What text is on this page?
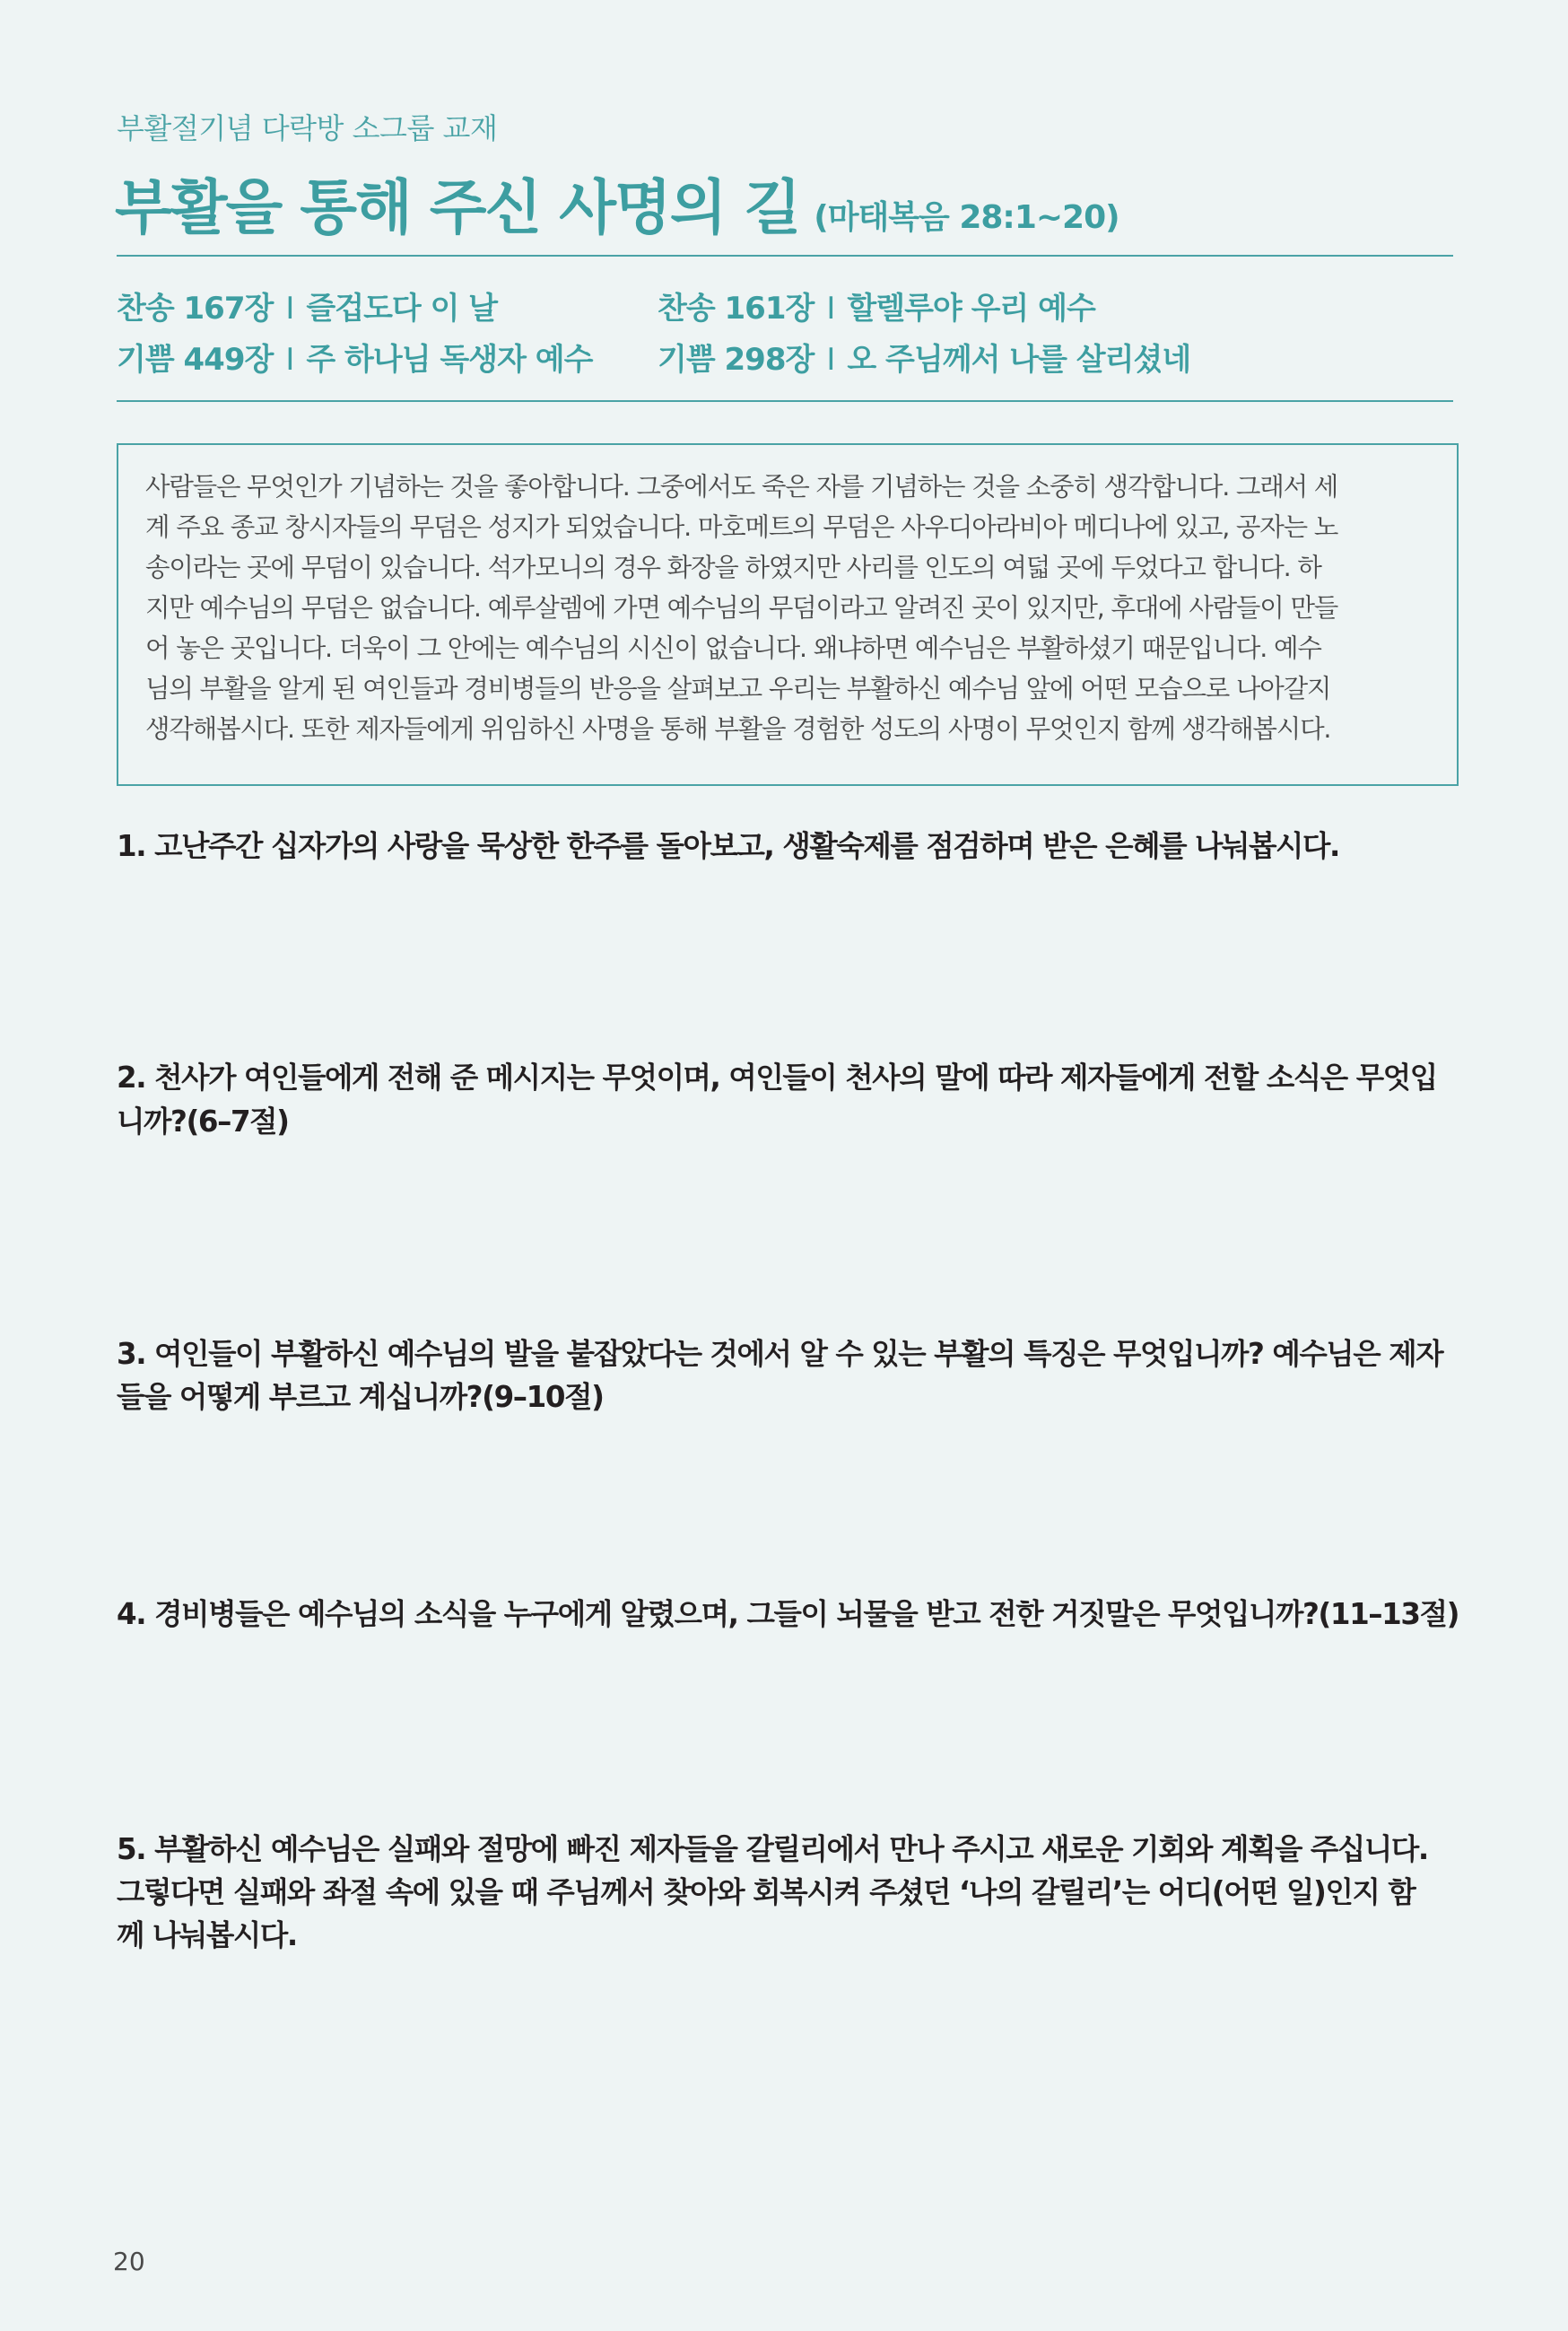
부활절기념 다락방 소그룹 교재
부활을 통해 주신 사명의 길 (마태복음 28:1~20)
찬송 167장 I 즐겁도다 이 날	찬송 161장 I 할렐루야 우리 예수
기쁨 449장 I 주 하나님 독생자 예수 기쁨 298장 I 오 주님께서 나를 살리셨네
사람들은 무엇인가 기념하는 것을 좋아합니다. 그중에서도 죽은 자를 기념하는 것을 소중히 생각합니다. 그래서 세
계 주요 종교 창시자들의 무덤은 성지가 되었습니다. 마호메트의 무덤은 사우디아라비아 메디나에 있고, 공자는 노
송이라는 곳에 무덤이 있습니다. 석가모니의 경우 화장을 하였지만 사리를 인도의 여덟 곳에 두었다고 합니다. 하
지만 예수님의 무덤은 없습니다. 예루살렘에 가면 예수님의 무덤이라고 알려진 곳이 있지만, 후대에 사람들이 만들
어 놓은 곳입니다. 더욱이 그 안에는 예수님의 시신이 없습니다. 왜냐하면 예수님은 부활하셨기 때문입니다. 예수
님의 부활을 알게 된 여인들과 경비병들의 반응을 살펴보고 우리는 부활하신 예수님 앞에 어떤 모습으로 나아갈지
생각해봅시다. 또한 제자들에게 위임하신 사명을 통해 부활을 경험한 성도의 사명이 무엇인지 함께 생각해봅시다.
1. 고난주간 십자가의 사랑을 묵상한 한주를 돌아보고, 생활숙제를 점검하며 받은 은혜를 나눠봅시다.
2. 천사가 여인들에게 전해 준 메시지는 무엇이며, 여인들이 천사의 말에 따라 제자들에게 전할 소식은 무엇입
니까?(6–7절)
3. 여인들이 부활하신 예수님의 발을 붙잡았다는 것에서 알 수 있는 부활의 특징은 무엇입니까? 예수님은 제자
들을 어떻게 부르고 계십니까?(9–10절)
4. 경비병들은 예수님의 소식을 누구에게 알렸으며, 그들이 뇌물을 받고 전한 거짓말은 무엇입니까?(11–13절)
5. 부활하신 예수님은 실패와 절망에 빠진 제자들을 갈릴리에서 만나 주시고 새로운 기회와 계획을 주십니다.
그렇다면 실패와 좌절 속에 있을 때 주님께서 찾아와 회복시켜 주셨던 ‘나의 갈릴리’는 어디(어떤 일)인지 함
께 나눠봅시다.
20
